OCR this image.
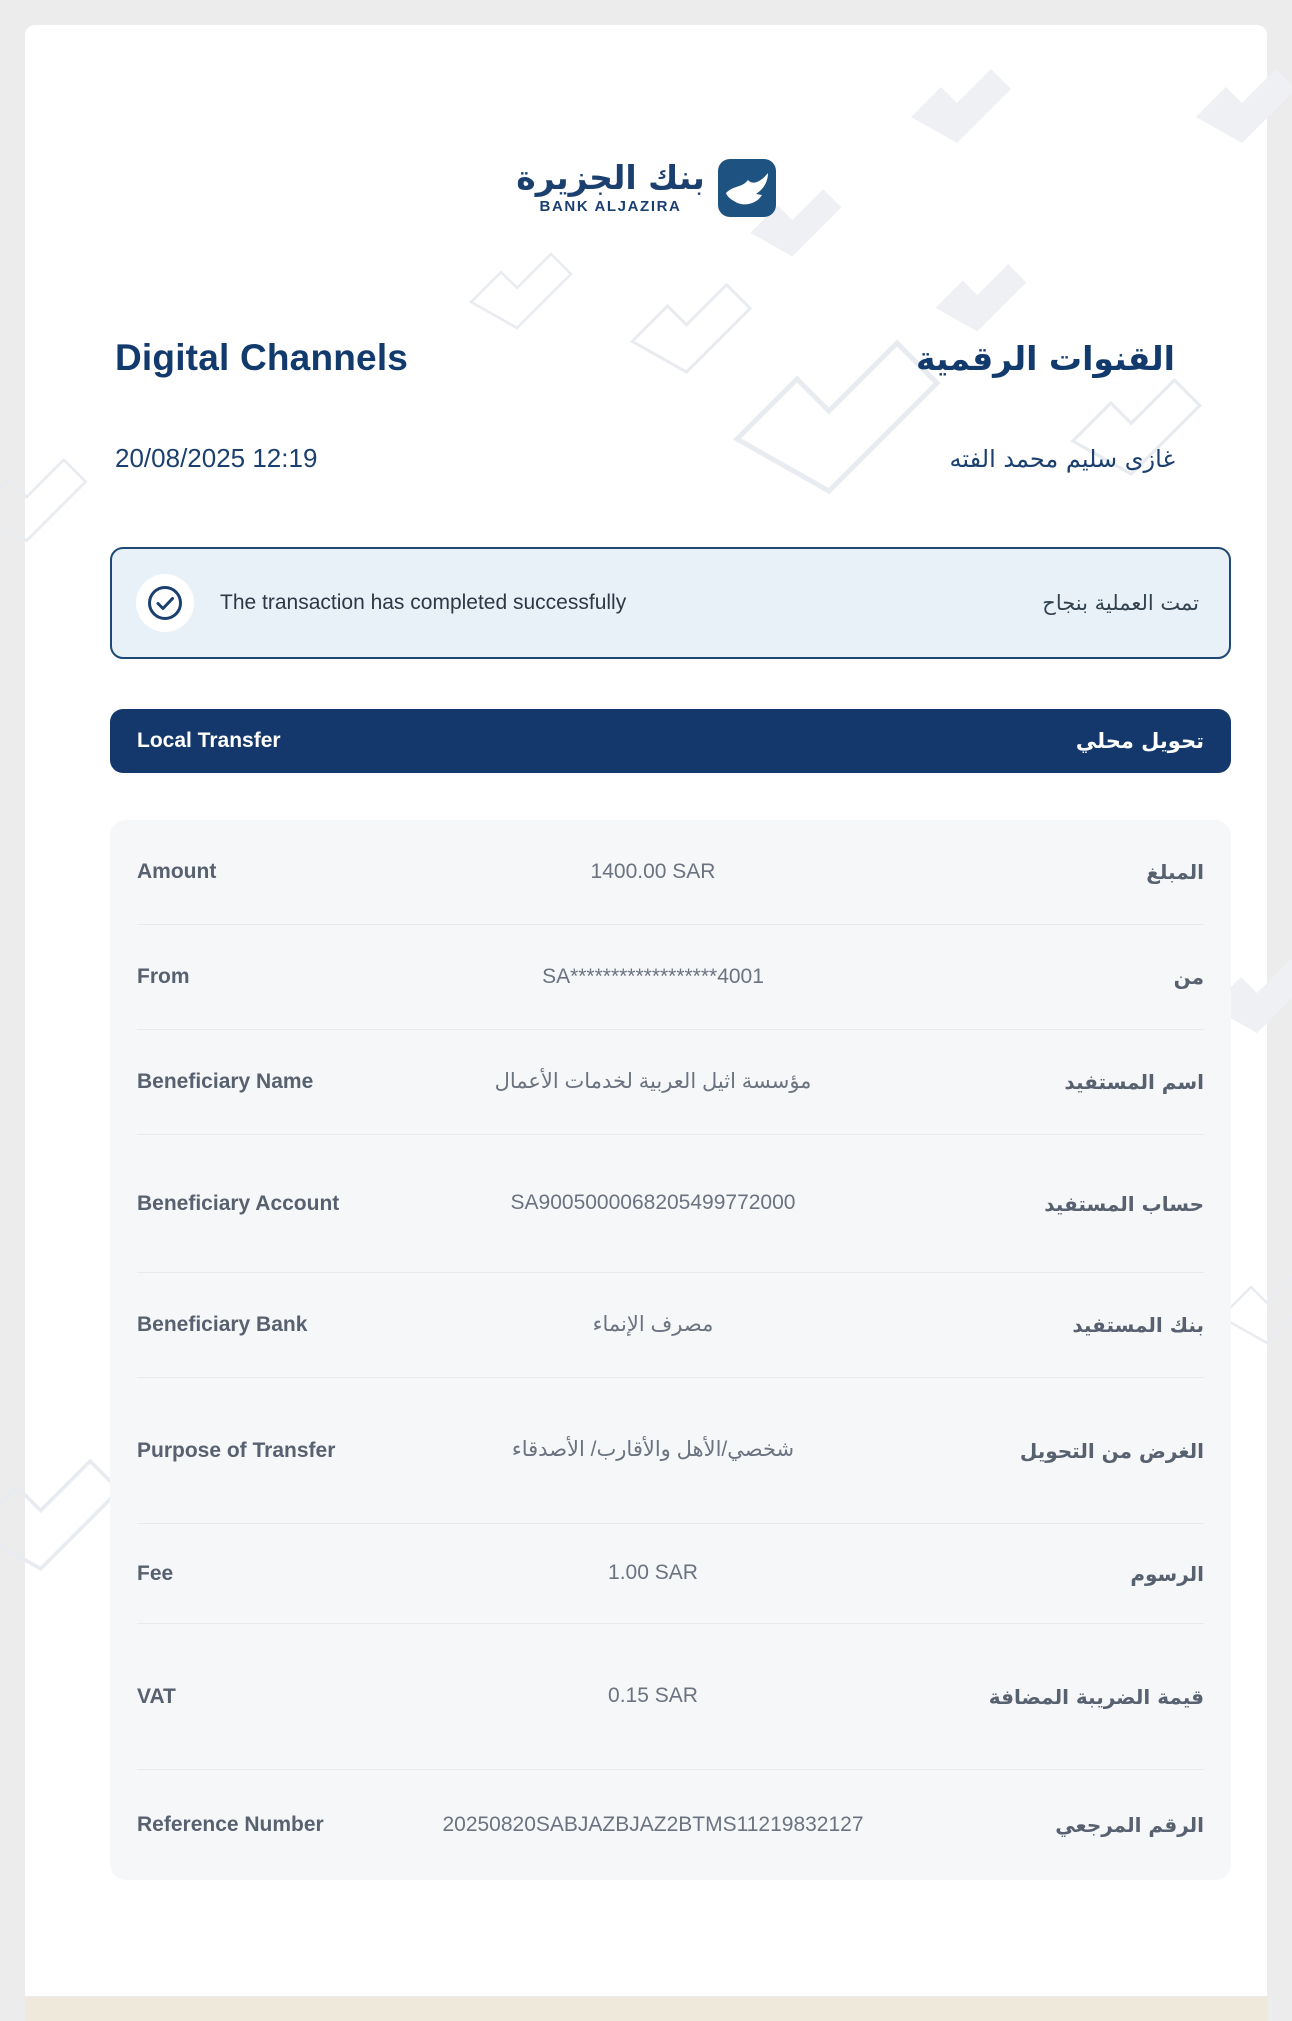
بنك الجزيرة
BANK ALJAZIRA
Digital Channels	القنوات الرقمية
20/08/2025 12:19	غازى سليم محمد الفته
The transaction has completed successfully	تمت العملية بنجاح
Local Transfer	تحويل محلي
Amount	1400.00 SAR	المبلغ
From	SA******************4001	من
Beneficiary Name	مؤسسة اثيل العربية لخدمات الأعمال	اسم المستفيد
Beneficiary Account	SA9005000068205499772000	حساب المستفيد
Beneficiary Bank	مصرف الإنماء	بنك المستفيد
Purpose of Transfer	شخصي/الأهل والأقارب/ الأصدقاء	الغرض من التحويل
Fee	1.00 SAR	الرسوم
VAT	0.15 SAR	قيمة الضريبة المضافة
Reference Number	20250820SABJAZBJAZ2BTMS11219832127	الرقم المرجعي
